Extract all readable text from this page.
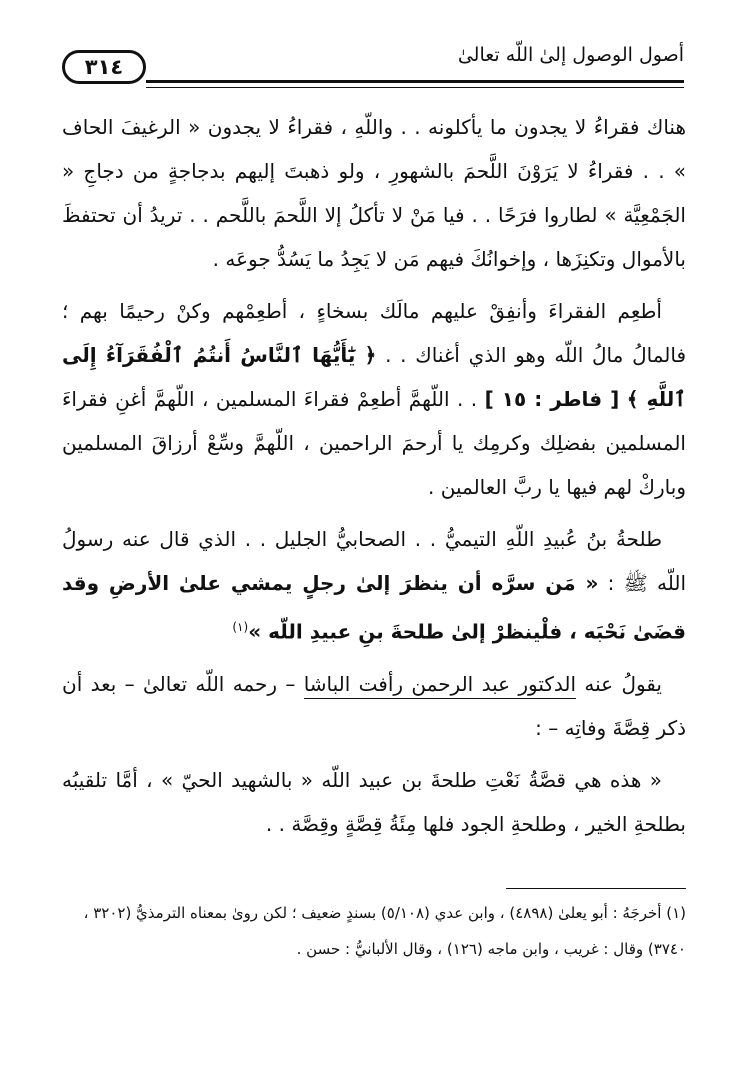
أصول الوصول إلىٰ اللّه تعالىٰ
٣١٤

هناك فقراءُ لا يجدون ما يأكلونه . . واللّهِ ، فقراءُ لا يجدون « الرغيفَ الحاف » . . فقراءُ لا يَرَوْنَ اللَّحمَ بالشهورِ ، ولو ذهبتَ إليهم بدجاجةٍ من دجاجِ « الجَمْعِيَّة » لطاروا فرَحًا . . فيا مَنْ لا تأكلُ إلا اللَّحمَ باللَّحم . . تريدُ أن تحتفظَ بالأموال وتكنِزَها ، وإخوانُكَ فيهم مَن لا يَجِدُ ما يَسُدُّ جوعَه .

أطعِم الفقراءَ وأنفِقْ عليهم مالَك بسخاءٍ ، أطعِمْهم وكنْ رحيمًا بهم ؛ فالمالُ مالُ اللّه وهو الذي أغناك . . ﴿ يَٰٓأَيُّهَا ٱلنَّاسُ أَنتُمُ ٱلْفُقَرَآءُ إِلَى ٱللَّهِ ﴾ [ فاطر : ١٥ ] . . اللّهمَّ أطعِمْ فقراءَ المسلمين ، اللّهمَّ أغنِ فقراءَ المسلمين بفضلِك وكرمِك يا أرحمَ الراحمين ، اللّهمَّ وسِّعْ أرزاقَ المسلمين وباركْ لهم فيها يا ربَّ العالمين .

طلحةُ بنُ عُبيدِ اللّهِ التيميُّ . . الصحابيُّ الجليل . . الذي قال عنه رسولُ اللّه ﷺ : « مَن سرَّه أن ينظرَ إلىٰ رجلٍ يمشي علىٰ الأرضِ وقد قضَىٰ نَحْبَه ، فلْينظرْ إلىٰ طلحةَ بنِ عبيدِ اللّه »$^{(١)}$

يقولُ عنه الدكتور عبد الرحمن رأفت الباشا – رحمه اللّه تعالىٰ – بعد أن ذكر قِصَّةَ وفاتِه – :

« هذه هي قصَّةُ نَعْتِ طلحةَ بن عبيد اللّه « بالشهيد الحيّ » ، أمَّا تلقيبُه بطلحةِ الخير ، وطلحةِ الجود فلها مِئَةُ قِصَّةٍ وقِصَّة . .

(١) أخرجَهُ : أبو يعلىٰ (٤٨٩٨) ، وابن عدي (٥/١٠٨) بسندٍ ضعيف ؛ لكن روىٰ بمعناه الترمذيُّ (٣٢٠٢ ، ٣٧٤٠) وقال : غريب ، وابن ماجه (١٢٦) ، وقال الألبانيُّ : حسن .
